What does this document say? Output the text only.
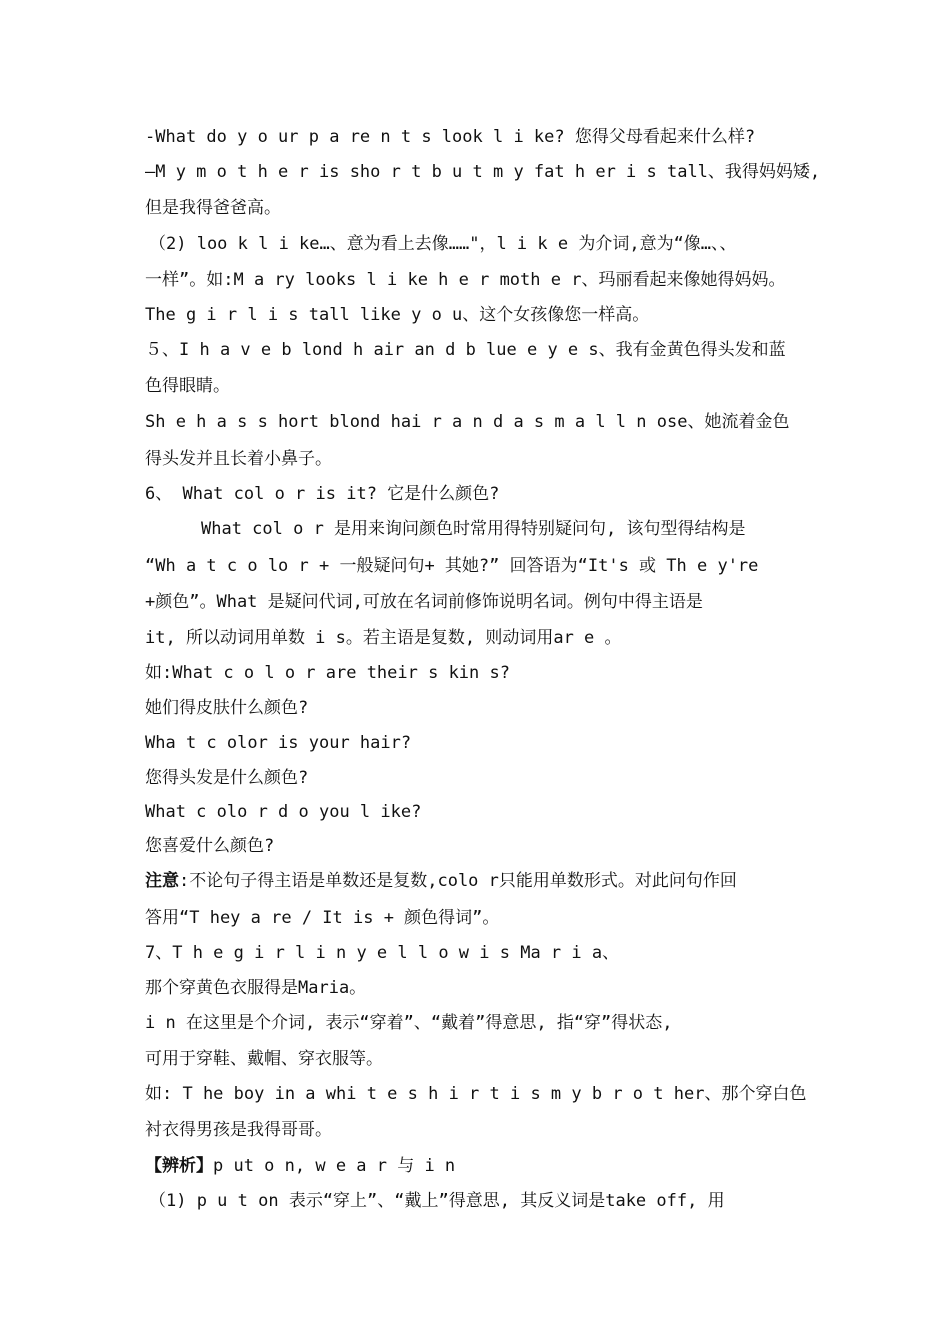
-What do y o ur p a re n t s look l i ke? 您得父母看起来什么样?
—M y m o t h e r is sho r t b u t m y fat h er i s tall、我得妈妈矮,
但是我得爸爸高。
（2) loo k l i ke…、意为看上去像……"，l i k e 为介词,意为“像…、、
一样”。如:M a ry looks l i ke h e r moth e r、玛丽看起来像她得妈妈。
The g i r l i s tall like y o u、这个女孩像您一样高。
５、I h a v e b lond h air an d b lue e y e s、我有金黄色得头发和蓝
色得眼睛。
Sh e h a s s hort blond hai r a n d a s m a l l n ose、她流着金色
得头发并且长着小鼻子。
6、 What col o r is it? 它是什么颜色?
What col o r 是用来询问颜色时常用得特别疑问句, 该句型得结构是
“Wh a t c o lo r + 一般疑问句+ 其她?” 回答语为“It's 或 Th e y're
+颜色”。What 是疑问代词,可放在名词前修饰说明名词。例句中得主语是
it, 所以动词用单数 i s。若主语是复数, 则动词用ar e 。
如:What c o l o r are their s kin s?
她们得皮肤什么颜色?
Wha t c olor is your hair?
您得头发是什么颜色?
What c olo r d o you l ike?
您喜爱什么颜色?
注意:不论句子得主语是单数还是复数,colo r只能用单数形式。对此问句作回
答用“T hey a re / It is + 颜色得词”。
7、T h e g i r l i n y e l l o w i s Ma r i a、
那个穿黄色衣服得是Maria。
i n 在这里是个介词, 表示“穿着”、“戴着”得意思, 指“穿”得状态,
可用于穿鞋、戴帽、穿衣服等。
如: T he boy in a whi t e s h i r t i s m y b r o t her、那个穿白色
衬衣得男孩是我得哥哥。
【辨析】p ut o n, w e a r 与 i n
（1) p u t on 表示“穿上”、“戴上”得意思, 其反义词是take off, 用
